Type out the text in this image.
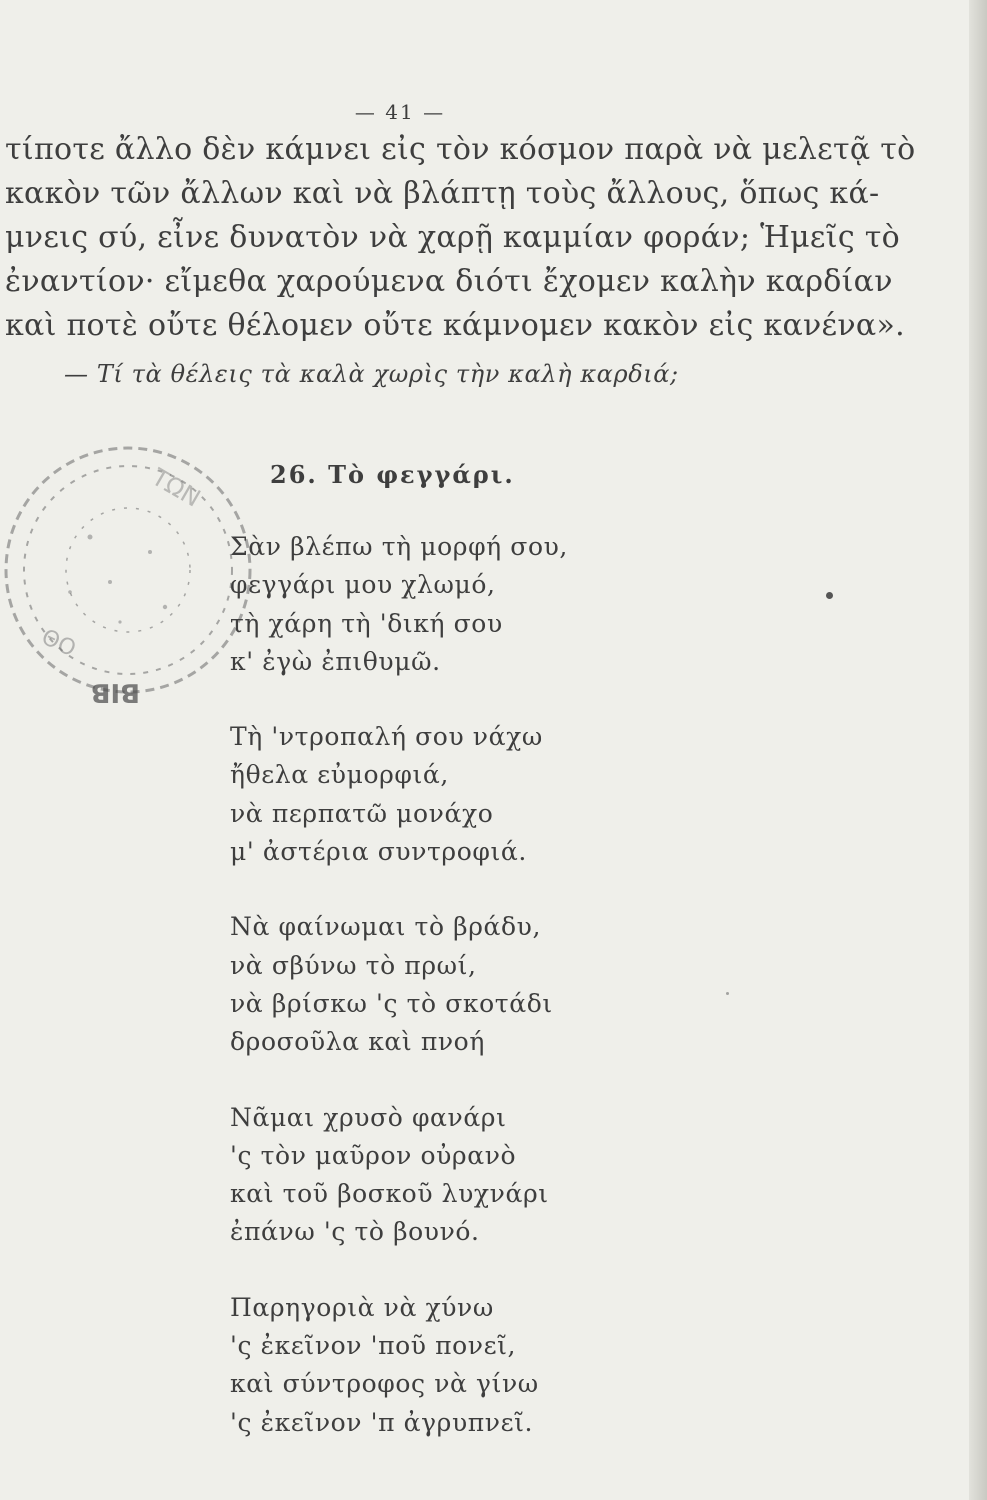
— 41 —
τίποτε ἄλλο δὲν κάμνει εἰς τὸν κόσμον παρὰ νὰ μελετᾷ τὸ
κακὸν τῶν ἄλλων καὶ νὰ βλάπτῃ τοὺς ἄλλους, ὅπως κά-
μνεις σύ, εἶνε δυνατὸν νὰ χαρῇ καμμίαν φοράν; Ἡμεῖς τὸ
ἐναντίον· εἴμεθα χαρούμενα διότι ἔχομεν καλὴν καρδίαν
καὶ ποτὲ οὔτε θέλομεν οὔτε κάμνομεν κακὸν εἰς κανένα».
— Τί τὰ θέλεις τὰ καλὰ χωρὶς τὴν καλὴ καρδιά;
26. Τὸ φεγγάρι.
ΤΩΝ
ΘΟ
ΒΙΒ
Σὰν βλέπω τὴ μορφή σου,
φεγγάρι μου χλωμό,
τὴ χάρη τὴ 'δική σου
κ' ἐγὼ ἐπιθυμῶ.
Τὴ 'ντροπαλή σου νάχω
ἤθελα εὐμορφιά,
νὰ περπατῶ μονάχο
μ' ἀστέρια συντροφιά.
Νὰ φαίνωμαι τὸ βράδυ,
νὰ σβύνω τὸ πρωί,
νὰ βρίσκω 'ς τὸ σκοτάδι
δροσοῦλα καὶ πνοή
Νᾶμαι χρυσὸ φανάρι
'ς τὸν μαῦρον οὐρανὸ
καὶ τοῦ βοσκοῦ λυχνάρι
ἐπάνω 'ς τὸ βουνό.
Παρηγοριὰ νὰ χύνω
'ς ἐκεῖνον 'ποῦ πονεῖ,
καὶ σύντροφος νὰ γίνω
'ς ἐκεῖνον 'π ἀγρυπνεῖ.
